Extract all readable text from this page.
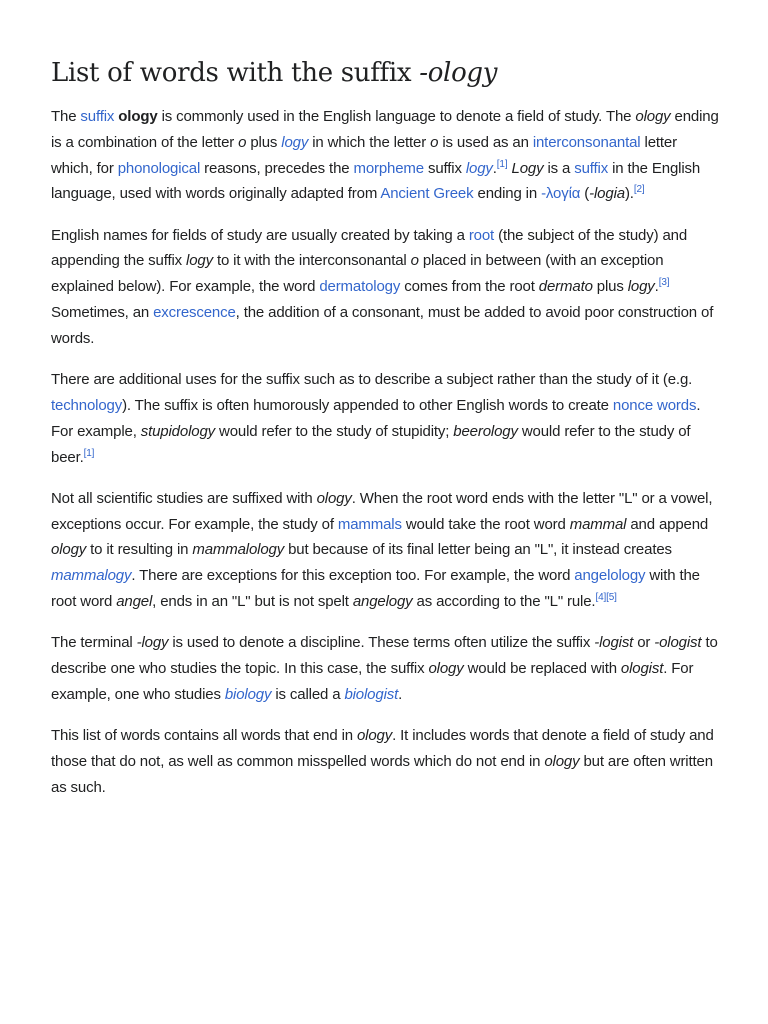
List of words with the suffix -ology

The suffix ology is commonly used in the English language to denote a field of study. The ology ending is a combination of the letter o plus logy in which the letter o is used as an interconsonantal letter which, for phonological reasons, precedes the morpheme suffix logy.[1] Logy is a suffix in the English language, used with words originally adapted from Ancient Greek ending in -λογία (-logia).[2]

English names for fields of study are usually created by taking a root (the subject of the study) and appending the suffix logy to it with the interconsonantal o placed in between (with an exception explained below). For example, the word dermatology comes from the root dermato plus logy.[3] Sometimes, an excrescence, the addition of a consonant, must be added to avoid poor construction of words.

There are additional uses for the suffix such as to describe a subject rather than the study of it (e.g. technology). The suffix is often humorously appended to other English words to create nonce words. For example, stupidology would refer to the study of stupidity; beerology would refer to the study of beer.[1]

Not all scientific studies are suffixed with ology. When the root word ends with the letter "L" or a vowel, exceptions occur. For example, the study of mammals would take the root word mammal and append ology to it resulting in mammalology but because of its final letter being an "L", it instead creates mammalogy. There are exceptions for this exception too. For example, the word angelology with the root word angel, ends in an "L" but is not spelt angelogy as according to the "L" rule.[4][5]

The terminal -logy is used to denote a discipline. These terms often utilize the suffix -logist or -ologist to describe one who studies the topic. In this case, the suffix ology would be replaced with ologist. For example, one who studies biology is called a biologist.

This list of words contains all words that end in ology. It includes words that denote a field of study and those that do not, as well as common misspelled words which do not end in ology but are often written as such.
